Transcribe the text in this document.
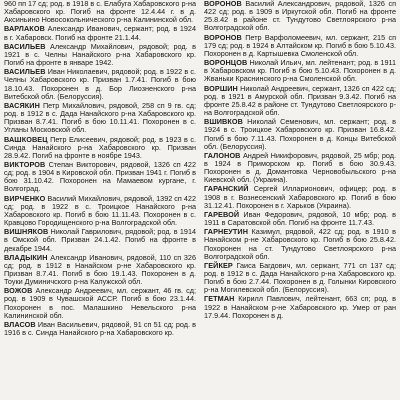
960 пп 17 сд; род. в 1918 в с. Елабуга Хабаровского р-на Хабаровского кр. Погиб на фронте 12.4.44 г. в д. Аксиньино Новосокольнического р-на Калининской обл.

ВАРЛАКОВ Александр Иванович, сержант; род. в 1924 в г. Хабаровск. Погиб на фронте 21.1.44.

ВАСИЛЬЕВ Александр Михайлович, рядовой; род. в 1921 в с. Челны Нанайского р-на Хабаровского кр. Погиб на фронте в январе 1942.

ВАСИЛЬЕВ Иван Николаевич, рядовой; род. в 1922 в с. Челны Хабаровского кр. Призван 1.7.41. Погиб в бою 18.10.43. Похоронен в д. Бор Лиозненского р-на Витебской обл. (Белоруссия).

ВАСЯКИН Петр Михайлович, рядовой, 258 сп 9 гв. сд; род. в 1912 в с. Дада Нанайского р-на Хабаровского кр. Призван 8.7.41. Погиб в бою 10.11.41. Похоронен в с. Угланы Московской обл.

ВАШКОВЕЦ Петр Елисеевич, рядовой; род. в 1923 в с. Синда Нанайского р-на Хабаровского кр. Призван 28.9.42. Погиб на фронте в ноябре 1943.

ВИКТОРОВ Степан Викторович, рядовой, 1326 сп 422 сд; род. в 1904 в Кировской обл. Призван 1941 г. Погиб в бою 31.10.42. Похоронен на Мамаевом кургане, г. Волгоград.

ВИРЧЕНКО Василий Михайлович, рядовой, 1392 сп 422 сд; род. в 1922 в с. Троицкое Нанайского р-на Хабаровского кр. Погиб в бою 11.11.43. Похоронен в с. Кравцово Городищенского р-на Волгоградской обл.

ВИШНЯКОВ Николай Гаврилович, рядовой; род. в 1914 в Омской обл. Призван 24.1.42. Погиб на фронте в декабре 1944.

ВЛАДЫКИН Александр Иванович, рядовой, 110 сп 326 сд; род. в 1912 в Нанайском р-не Хабаровского кр. Призван 8.7.41. Погиб в бою 19.1.43. Похоронен в д. Тоуки Думиничского р-на Калужской обл.

ВОЖОВ Александр Андреевич, мл. сержант, 46 гв. сд; род. в 1909 в Чувашской АССР. Погиб в бою 23.1.44. Похоронен в пос. Малашкино Невельского р-на Калининской обл.

ВЛАСОВ Иван Васильевич, рядовой, 91 сп 51 сд; род. в 1916 в с. Синда Нанайского р-на Хабаровского кр.

ВОРОНОВ Василий Александрович, рядовой, 1326 сп 422 сд; род. в 1909 в Иркутской обл. Погиб на фронте 25.8.42 в районе ст. Тундутово Светлоярского р-на Волгоградской обл.

ВОРОНОВ Петр Варфоломеевич, мл. сержант, 215 сп 179 сд; род. в 1924 в Алтайском кр. Погиб в бою 5.10.43. Похоронен в д. Картышевка Смоленской обл.

ВОРОНЦОВ Николай Ильич, мл. лейтенант; род. в 1911 в Хабаровском кр. Погиб в бою 5.10.43. Похоронен в д. Жваньки Краснинского р-на Смоленской обл.

ВОРШИН Николай Андреевич, сержант, 1326 сп 422 сд; род. в 1921 в Амурской обл. Призван 9.3.42. Погиб на фронте 25.8.42 в районе ст. Тундутово Светлоярского р-на Волгоградской обл.

ВШИВКОВ Николай Семенович, мл. сержант; род. в 1924 в с. Троицкое Хабаровского кр. Призван 16.8.42. Погиб в бою 7.11.43. Похоронен в д. Концы Витебской обл. (Белоруссия).

ГАЛОНОВ Андрей Никифорович, рядовой, 25 мбр; род. в 1924 в Приморском кр. Погиб в бою 30.9.43. Похоронен в д. Домантовка Черновобыльского р-на Киевской обл. (Украина).

ГАРАНСКИЙ Сергей Илларионович, офицер; род. в 1908 в г. Вознесенский Хабаровского кр. Погиб в бою 31.12.41. Похоронен в г. Харьков (Украина).

ГАРЕВОЙ Иван Федорович, рядовой, 10 мбр; род. в 1911 в Саратовской обл. Погиб на фронте 11.7.43.

ГАРНЕУТИН Казимул, рядовой, 422 сд; род. в 1910 в Нанайском р-не Хабаровского кр. Погиб в бою 25.8.42. Похоронен на ст. Тундутово Светлоярского р-на Волгоградской обл.

ГЕЙКЕР Гаиса Багдович, мл. сержант, 771 сп 137 сд; род. в 1912 в с. Дада Нанайского р-на Хабаровского кр. Погиб в бою 2.7.44. Похоронен в д. Голынки Кировского р-на Могилевской обл. (Белоруссия).

ГЕТМАН Кирилл Павлович, лейтенант, 663 сп; род. в 1922 в Нанайском р-не Хабаровского кр. Умер от ран 17.9.44. Похоронен в д.
